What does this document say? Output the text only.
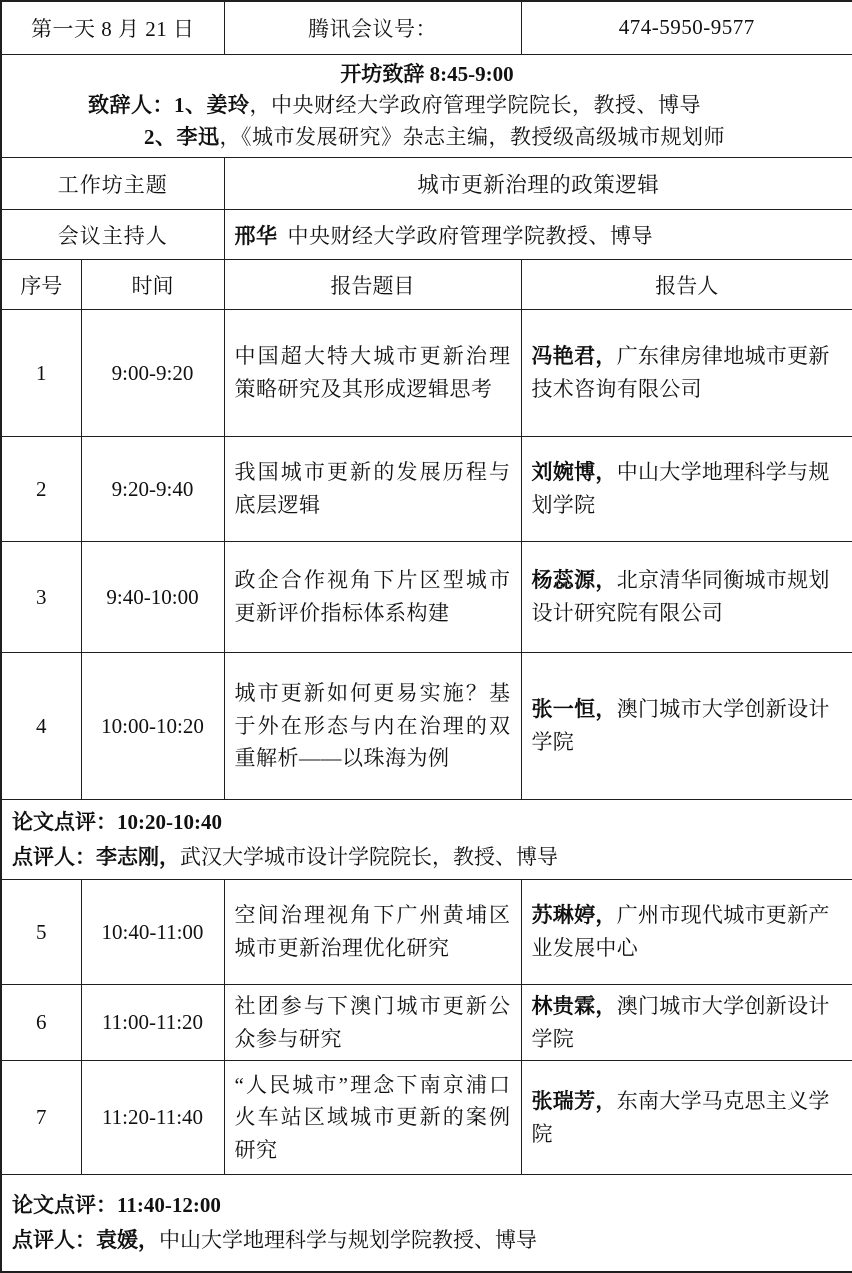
第一天 8 月 21 日		腾讯会议号：	474-5950-9577

开坊致辞 8:45-9:00
致辞人：1、姜玲，中央财经大学政府管理学院院长，教授、博导
2、李迅，《城市发展研究》杂志主编，教授级高级城市规划师			

工作坊主题		城市更新治理的政策逻辑	
会议主持人		邢华 中央财经大学政府管理学院教授、博导	
序号	时间	报告题目	报告人
1	9:00-9:20	中国超大特大城市更新治理策略研究及其形成逻辑思考	冯艳君，广东律房律地城市更新技术咨询有限公司
2	9:20-9:40	我国城市更新的发展历程与底层逻辑	刘婉博，中山大学地理科学与规划学院
3	9:40-10:00	政企合作视角下片区型城市更新评价指标体系构建	杨蕊源，北京清华同衡城市规划设计研究院有限公司
4	10:00-10:20	城市更新如何更易实施？基于外在形态与内在治理的双重解析——以珠海为例	张一恒，澳门城市大学创新设计学院

论文点评：10:20-10:40
点评人：李志刚，武汉大学城市设计学院院长，教授、博导			

5	10:40-11:00	空间治理视角下广州黄埔区城市更新治理优化研究	苏琳婷，广州市现代城市更新产业发展中心
6	11:00-11:20	社团参与下澳门城市更新公众参与研究	林贵霖，澳门城市大学创新设计学院
7	11:20-11:40	“人民城市”理念下南京浦口火车站区域城市更新的案例研究	张瑞芳，东南大学马克思主义学院

论文点评：11:40-12:00
点评人：袁媛，中山大学地理科学与规划学院教授、博导			
